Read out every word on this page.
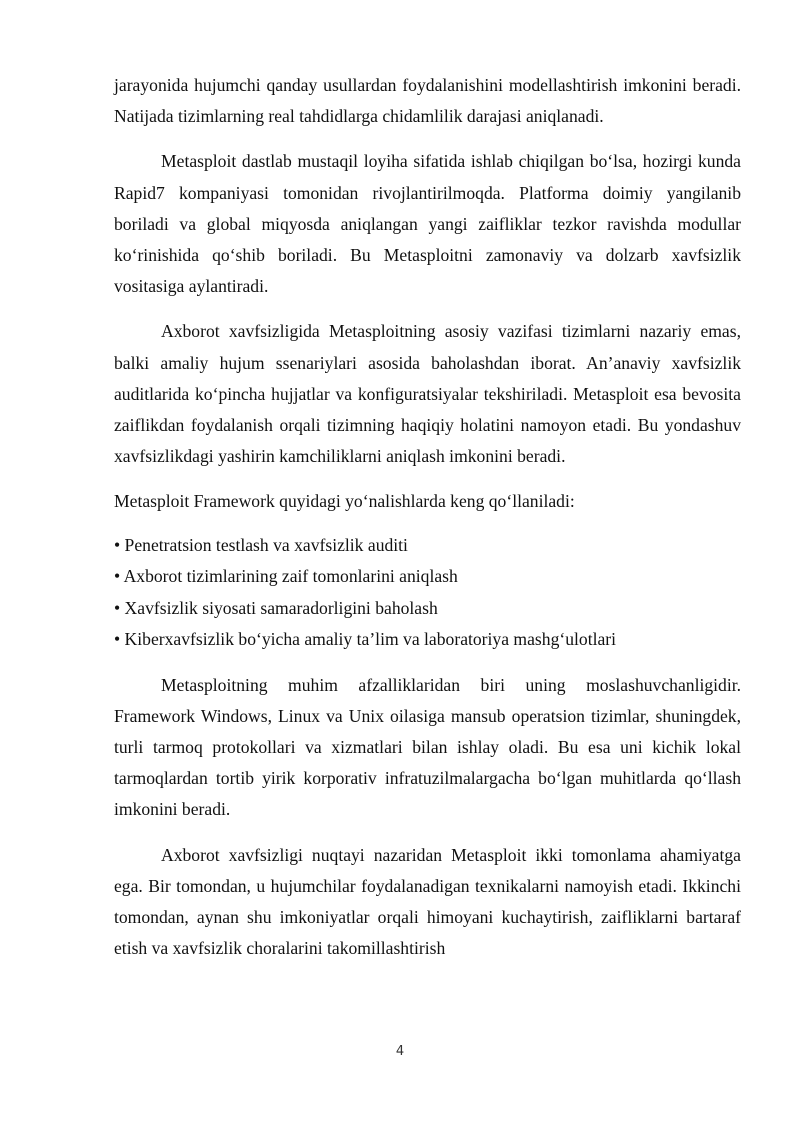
jarayonida hujumchi qanday usullardan foydalanishini modellashtirish imkonini beradi. Natijada tizimlarning real tahdidlarga chidamlilik darajasi aniqlanadi.

Metasploit dastlab mustaqil loyiha sifatida ishlab chiqilgan bo‘lsa, hozirgi kunda Rapid7 kompaniyasi tomonidan rivojlantirilmoqda. Platforma doimiy yangilanib boriladi va global miqyosda aniqlangan yangi zaifliklar tezkor ravishda modullar ko‘rinishida qo‘shib boriladi. Bu Metasploitni zamonaviy va dolzarb xavfsizlik vositasiga aylantiradi.

Axborot xavfsizligida Metasploitning asosiy vazifasi tizimlarni nazariy emas, balki amaliy hujum ssenariylari asosida baholashdan iborat. An’anaviy xavfsizlik auditlarida ko‘pincha hujjatlar va konfiguratsiyalar tekshiriladi. Metasploit esa bevosita zaiflikdan foydalanish orqali tizimning haqiqiy holatini namoyon etadi. Bu yondashuv xavfsizlikdagi yashirin kamchiliklarni aniqlash imkonini beradi.

Metasploit Framework quyidagi yo‘nalishlarda keng qo‘llaniladi:

• Penetratsion testlash va xavfsizlik auditi
• Axborot tizimlarining zaif tomonlarini aniqlash
• Xavfsizlik siyosati samaradorligini baholash
• Kiberxavfsizlik bo‘yicha amaliy ta’lim va laboratoriya mashg‘ulotlari

Metasploitning muhim afzalliklaridan biri uning moslashuvchanligidir. Framework Windows, Linux va Unix oilasiga mansub operatsion tizimlar, shuningdek, turli tarmoq protokollari va xizmatlari bilan ishlay oladi. Bu esa uni kichik lokal tarmoqlardan tortib yirik korporativ infratuzilmalargacha bo‘lgan muhitlarda qo‘llash imkonini beradi.

Axborot xavfsizligi nuqtayi nazaridan Metasploit ikki tomonlama ahamiyatga ega. Bir tomondan, u hujumchilar foydalanadigan texnikalarni namoyish etadi. Ikkinchi tomondan, aynan shu imkoniyatlar orqali himoyani kuchaytirish, zaifliklarni bartaraf etish va xavfsizlik choralarini takomillashtirish

4
